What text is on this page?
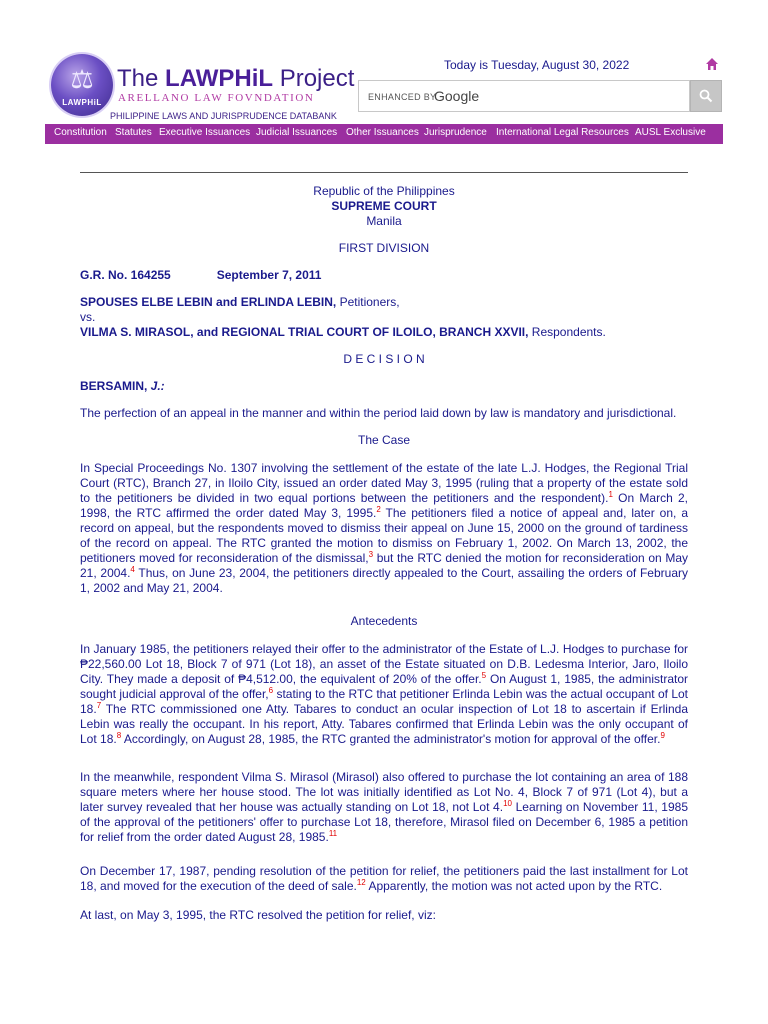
⚖
LAWPHiL
The LAWPHiL Project
ARELLANO LAW FOVNDATION
PHILIPPINE LAWS AND JURISPRUDENCE DATABANK
Today is Tuesday, August 30, 2022
ENHANCED BY
Google
Constitution Statutes Executive Issuances Judicial Issuances Other Issuances Jurisprudence International Legal Resources AUSL Exclusive
Republic of the Philippines
SUPREME COURT
Manila
FIRST DIVISION
G.R. No. 164255	September 7, 2011
SPOUSES ELBE LEBIN and ERLINDA LEBIN, Petitioners,
vs.
VILMA S. MIRASOL, and REGIONAL TRIAL COURT OF ILOILO, BRANCH XXVII, Respondents.
D E C I S I O N
BERSAMIN, J.:
The perfection of an appeal in the manner and within the period laid down by law is mandatory and jurisdictional.
The Case
In Special Proceedings No. 1307 involving the settlement of the estate of the late L.J. Hodges, the Regional Trial Court (RTC), Branch 27, in Iloilo City, issued an order dated May 3, 1995 (ruling that a property of the estate sold to the petitioners be divided in two equal portions between the petitioners and the respondent).$^1$ On March 2, 1998, the RTC affirmed the order dated May 3, 1995.$^2$ The petitioners filed a notice of appeal and, later on, a record on appeal, but the respondents moved to dismiss their appeal on June 15, 2000 on the ground of tardiness of the record on appeal. The RTC granted the motion to dismiss on February 1, 2002. On March 13, 2002, the petitioners moved for reconsideration of the dismissal,$^3$ but the RTC denied the motion for reconsideration on May 21, 2004.$^4$ Thus, on June 23, 2004, the petitioners directly appealed to the Court, assailing the orders of February 1, 2002 and May 21, 2004.
Antecedents
In January 1985, the petitioners relayed their offer to the administrator of the Estate of L.J. Hodges to purchase for ₱22,560.00 Lot 18, Block 7 of 971 (Lot 18), an asset of the Estate situated on D.B. Ledesma Interior, Jaro, Iloilo City. They made a deposit of ₱4,512.00, the equivalent of 20% of the offer.$^5$ On August 1, 1985, the administrator sought judicial approval of the offer,$^6$ stating to the RTC that petitioner Erlinda Lebin was the actual occupant of Lot 18.$^7$ The RTC commissioned one Atty. Tabares to conduct an ocular inspection of Lot 18 to ascertain if Erlinda Lebin was really the occupant. In his report, Atty. Tabares confirmed that Erlinda Lebin was the only occupant of Lot 18.$^8$ Accordingly, on August 28, 1985, the RTC granted the administrator's motion for approval of the offer.$^9$
In the meanwhile, respondent Vilma S. Mirasol (Mirasol) also offered to purchase the lot containing an area of 188 square meters where her house stood. The lot was initially identified as Lot No. 4, Block 7 of 971 (Lot 4), but a later survey revealed that her house was actually standing on Lot 18, not Lot 4.10 Learning on November 11, 1985 of the approval of the petitioners' offer to purchase Lot 18, therefore, Mirasol filed on December 6, 1985 a petition for relief from the order dated August 28, 1985.11
On December 17, 1987, pending resolution of the petition for relief, the petitioners paid the last installment for Lot 18, and moved for the execution of the deed of sale.$^{12}$ Apparently, the motion was not acted upon by the RTC.
At last, on May 3, 1995, the RTC resolved the petition for relief, viz:
